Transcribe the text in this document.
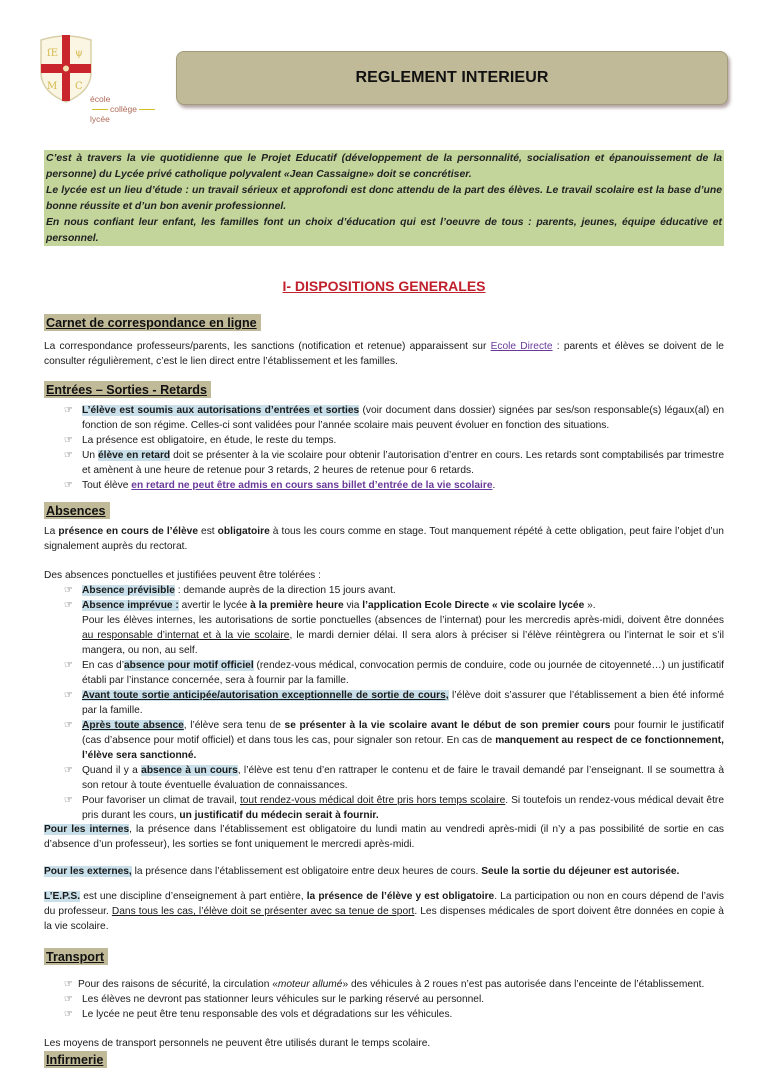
ſE ψ
M C
école
collège
lycée
REGLEMENT INTERIEUR

C’est à travers la vie quotidienne que le Projet Educatif (développement de la personnalité, socialisation et épanouissement de la personne) du Lycée privé catholique polyvalent «Jean Cassaigne» doit se concrétiser.

Le lycée est un lieu d’étude : un travail sérieux et approfondi est donc attendu de la part des élèves. Le travail scolaire est la base d’une bonne réussite et d’un bon avenir professionnel.

En nous confiant leur enfant, les familles font un choix d’éducation qui est l’oeuvre de tous : parents, jeunes, équipe éducative et personnel.

I- DISPOSITIONS GENERALES
Carnet de correspondance en ligne

La correspondance professeurs/parents, les sanctions (notification et retenue) apparaissent sur Ecole Directe : parents et élèves se doivent de le consulter régulièrement, c’est le lien direct entre l’établissement et les familles.

Entrées – Sorties - Retards
☞ L’élève est soumis aux autorisations d’entrées et sorties (voir document dans dossier) signées par ses/son responsable(s) légaux(al) en fonction de son régime. Celles-ci sont validées pour l’année scolaire mais peuvent évoluer en fonction des situations.
☞ La présence est obligatoire, en étude, le reste du temps.
☞ Un élève en retard doit se présenter à la vie scolaire pour obtenir l’autorisation d’entrer en cours. Les retards sont comptabilisés par trimestre et amènent à une heure de retenue pour 3 retards, 2 heures de retenue pour 6 retards.
☞ Tout élève en retard ne peut être admis en cours sans billet d’entrée de la vie scolaire.
Absences

La présence en cours de l’élève est obligatoire à tous les cours comme en stage. Tout manquement répété à cette obligation, peut faire l’objet d’un signalement auprès du rectorat.

Des absences ponctuelles et justifiées peuvent être tolérées :

☞ Absence prévisible : demande auprès de la direction 15 jours avant.
☞ Absence imprévue : avertir le lycée à la première heure via l’application Ecole Directe « vie scolaire lycée ».
Pour les élèves internes, les autorisations de sortie ponctuelles (absences de l’internat) pour les mercredis après-midi, doivent être données au responsable d’internat et à la vie scolaire, le mardi dernier délai. Il sera alors à préciser si l’élève réintègrera ou l’internat le soir et s’il mangera, ou non, au self.
☞ En cas d’absence pour motif officiel (rendez-vous médical, convocation permis de conduire, code ou journée de citoyenneté…) un justificatif établi par l’instance concernée, sera à fournir par la famille.
☞ Avant toute sortie anticipée/autorisation exceptionnelle de sortie de cours, l’élève doit s’assurer que l’établissement a bien été informé par la famille.
☞ Après toute absence, l’élève sera tenu de se présenter à la vie scolaire avant le début de son premier cours pour fournir le justificatif (cas d’absence pour motif officiel) et dans tous les cas, pour signaler son retour. En cas de manquement au respect de ce fonctionnement, l’élève sera sanctionné.
☞ Quand il y a absence à un cours, l’élève est tenu d’en rattraper le contenu et de faire le travail demandé par l’enseignant. Il se soumettra à son retour à toute éventuelle évaluation de connaissances.
☞ Pour favoriser un climat de travail, tout rendez-vous médical doit être pris hors temps scolaire. Si toutefois un rendez-vous médical devait être pris durant les cours, un justificatif du médecin serait à fournir.

Pour les internes, la présence dans l’établissement est obligatoire du lundi matin au vendredi après-midi (il n’y a pas possibilité de sortie en cas d’absence d’un professeur), les sorties se font uniquement le mercredi après-midi.

Pour les externes, la présence dans l’établissement est obligatoire entre deux heures de cours. Seule la sortie du déjeuner est autorisée.

L’E.P.S. est une discipline d’enseignement à part entière, la présence de l’élève y est obligatoire. La participation ou non en cours dépend de l’avis du professeur. Dans tous les cas, l’élève doit se présenter avec sa tenue de sport. Les dispenses médicales de sport doivent être données en copie à la vie scolaire.

Transport
☞ Pour des raisons de sécurité, la circulation «moteur allumé» des véhicules à 2 roues n’est pas autorisée dans l’enceinte de l’établissement.
☞ Les élèves ne devront pas stationner leurs véhicules sur le parking réservé au personnel.
☞ Le lycée ne peut être tenu responsable des vols et dégradations sur les véhicules.

Les moyens de transport personnels ne peuvent être utilisés durant le temps scolaire.

Infirmerie
